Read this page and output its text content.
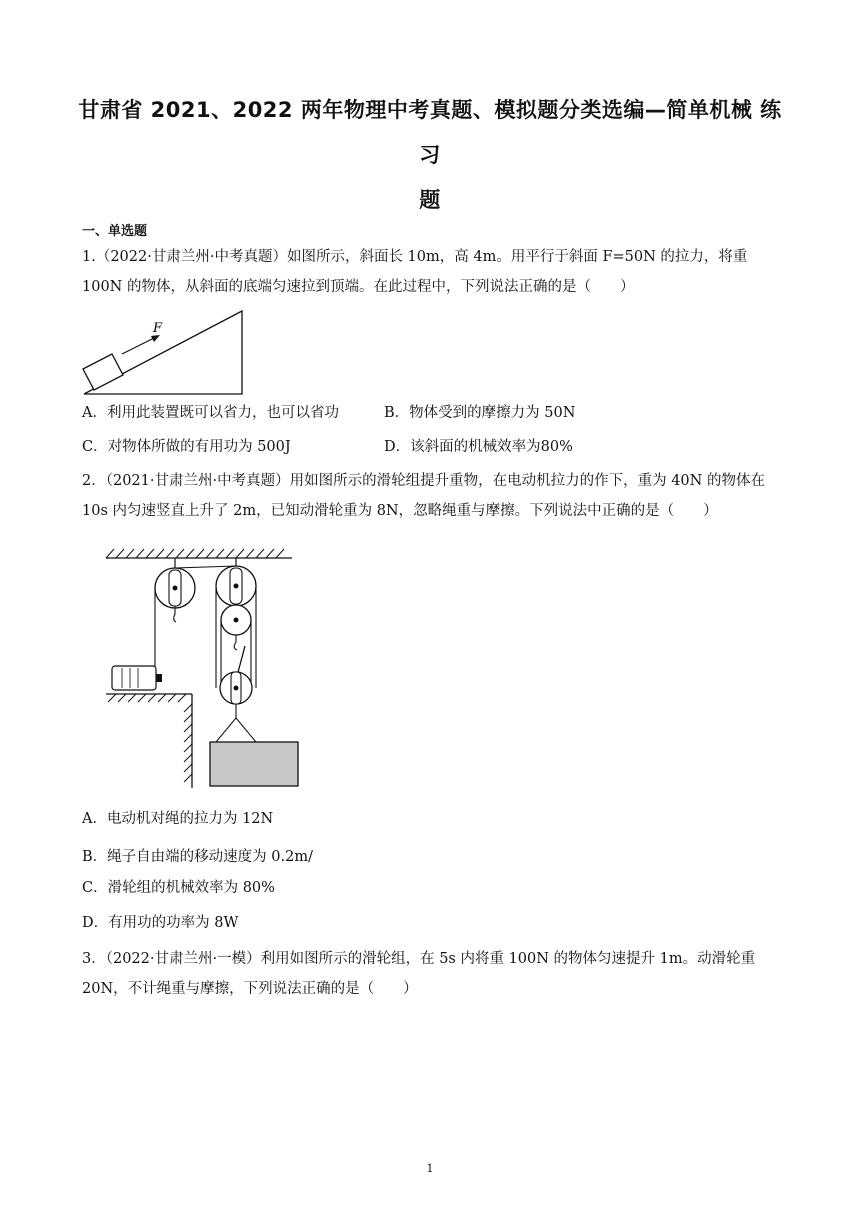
甘肃省 2021、2022 两年物理中考真题、模拟题分类选编—简单机械 练习
题
一、单选题
1.（2022·甘肃兰州·中考真题）如图所示，斜面长 10m，高 4m。用平行于斜面 F=50N 的拉力，将重 100N 的物体，从斜面的底端匀速拉到顶端。在此过程中，下列说法正确的是（　　）
F
A．利用此装置既可以省力，也可以省功	B．物体受到的摩擦力为 50N
C．对物体所做的有用功为 500J	D．该斜面的机械效率为80%
2．（2021·甘肃兰州·中考真题）用如图所示的滑轮组提升重物，在电动机拉力的作下，重为 40N 的物体在 10s 内匀速竖直上升了 2m，已知动滑轮重为 8N，忽略绳重与摩擦。下列说法中正确的是（　　）
A．电动机对绳的拉力为 12N
B．绳子自由端的移动速度为 0.2m/
C．滑轮组的机械效率为 80%
D．有用功的功率为 8W
3．（2022·甘肃兰州·一模）利用如图所示的滑轮组，在 5s 内将重 100N 的物体匀速提升 1m。动滑轮重 20N，不计绳重与摩擦，下列说法正确的是（　　）
1
